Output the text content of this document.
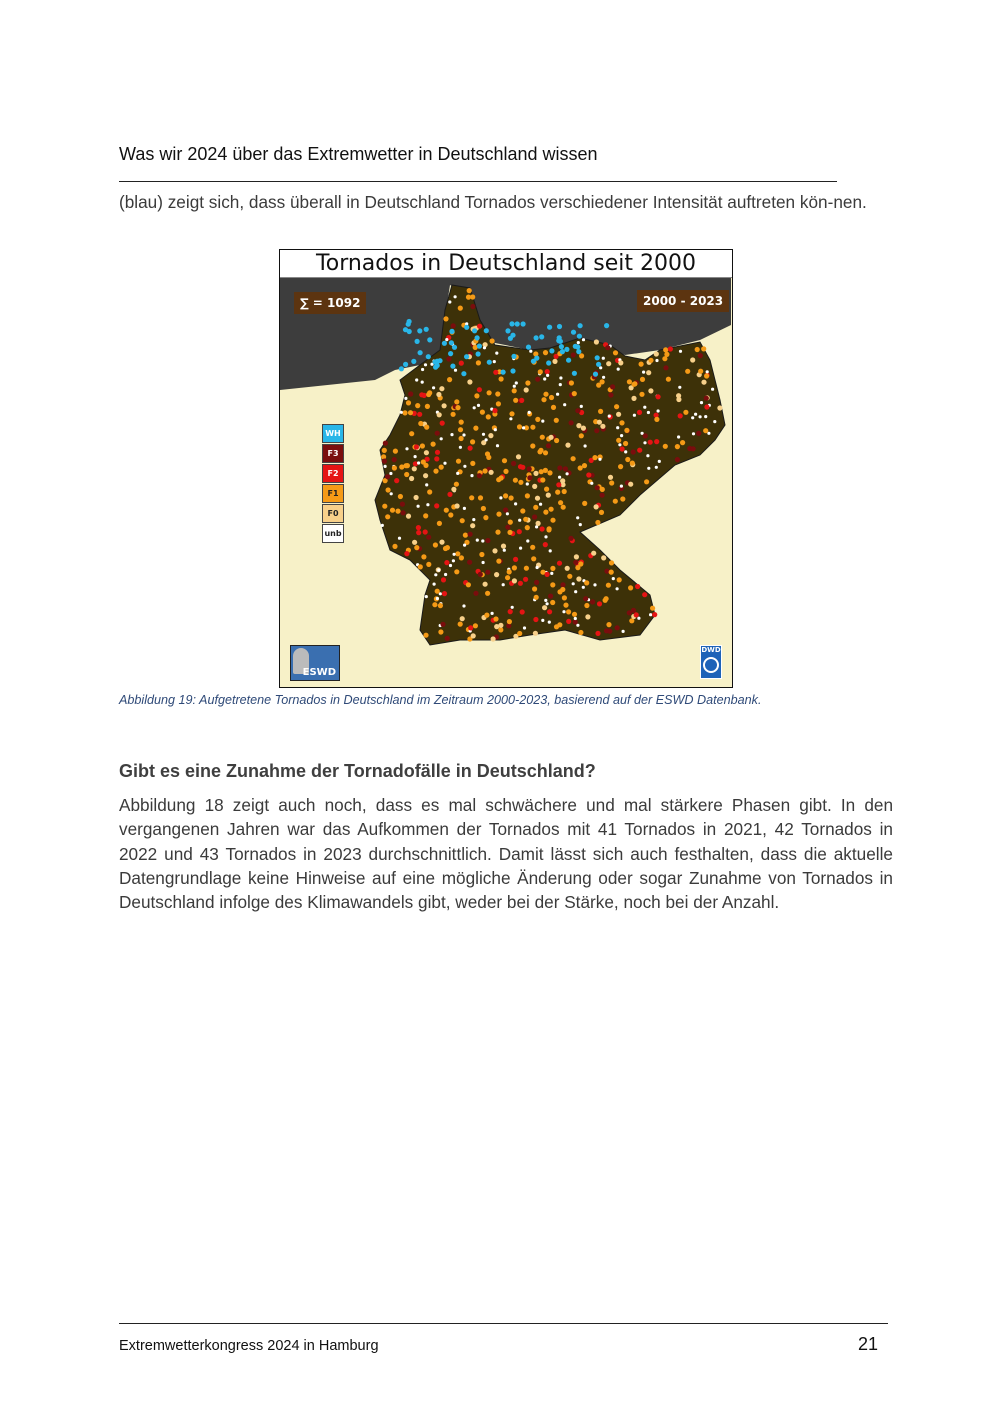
Was wir 2024 über das Extremwetter in Deutschland wissen

(blau) zeigt sich, dass überall in Deutschland Tornados verschiedener Intensität auftreten kön-nen.

Tornados in Deutschland seit 2000
∑ = 1092	2000 - 2023
WH
F3
F2
F1
F0
unb
ESWD
DWD
Abbildung 19: Aufgetretene Tornados in Deutschland im Zeitraum 2000-2023, basierend auf der ESWD Datenbank.
Gibt es eine Zunahme der Tornadofälle in Deutschland?

Abbildung 18 zeigt auch noch, dass es mal schwächere und mal stärkere Phasen gibt. In den vergangenen Jahren war das Aufkommen der Tornados mit 41 Tornados in 2021, 42 Tornados in 2022 und 43 Tornados in 2023 durchschnittlich. Damit lässt sich auch festhalten, dass die aktuelle Datengrundlage keine Hinweise auf eine mögliche Änderung oder sogar Zunahme von Tornados in Deutschland infolge des Klimawandels gibt, weder bei der Stärke, noch bei der Anzahl.

Extremwetterkongress 2024 in Hamburg	21
